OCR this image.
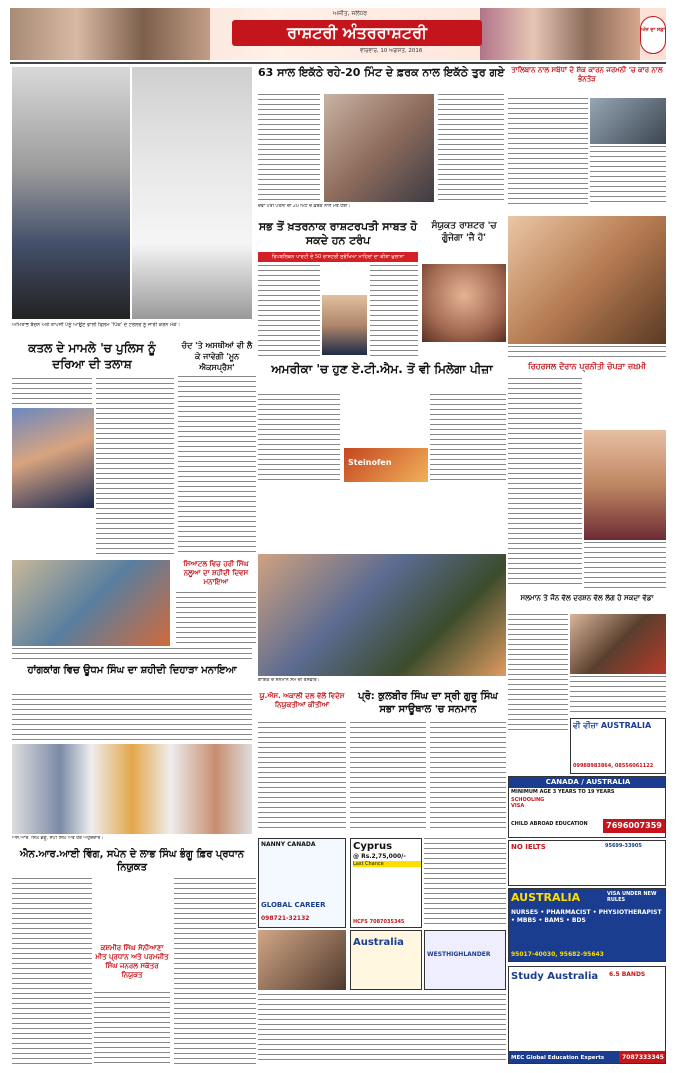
ਅਜੀਤ, ਜਲੰਧਰ
ਰਾਸ਼ਟਰੀ ਅੰਤਰਰਾਸ਼ਟਰੀ
ਵੀਰਵਾਰ, 10 ਅਗਸਤ, 2016
ਅੱਜ ਦਾ ਸਫ਼ਾ
ਅਮਿਤਾਭ ਬੱਚਨ ਅਤੇ ਤਾਪਸੀ ਪੰਨੂੰ ਆਉਣ ਵਾਲੀ ਫਿਲਮ 'ਪਿੰਕ' ਦੇ ਟਰੇਲਰ ਨੂੰ ਜਾਰੀ ਕਰਨ ਮੌਕੇ।
63 ਸਾਲ ਇਕੱਠੇ ਰਹੇ-20 ਮਿੰਟ ਦੇ ਫ਼ਰਕ ਨਾਲ ਇਕੱਠੇ ਤੁਰ ਗਏ
ਦੋਵਾਂ ਪਤੀ ਪਤਨੀ ਦੀ 20 ਮਿੰਟ ਦੇ ਫ਼ਰਕ ਨਾਲ ਮੌਤ ਹੋਈ।
ਤਾਲਿਬਾਨ ਨਾਲ ਸਬੰਧਾਂ ਦੇ ਸ਼ੱਕ ਕਾਰਨ ਜਰਮਨੀ 'ਚ ਕਾਰ ਨਾਲ ਭੰਨਤੋੜ
ਸਭ ਤੋਂ ਖ਼ਤਰਨਾਕ ਰਾਸ਼ਟਰਪਤੀ ਸਾਬਤ ਹੋ ਸਕਦੇ ਹਨ ਟਰੰਪ
ਰਿਪਬਲਿਕਨ ਪਾਰਟੀ ਦੇ 50 ਰਾਸ਼ਟਰੀ ਸੁਰੱਖਿਆ ਮਾਹਿਰਾਂ ਦਾ ਕੀਤਾ ਖ਼ੁਲਾਸਾ
ਸੰਯੁਕਤ ਰਾਸ਼ਟਰ 'ਚ ਗੂੰਜੇਗਾ 'ਜੈ ਹੋ'
ਕਤਲ ਦੇ ਮਾਮਲੇ 'ਚ ਪੁਲਿਸ ਨੂੰ ਦਰਿਆ ਦੀ ਤਲਾਸ਼
ਚੰਦ 'ਤੇ ਅਸਥੀਆਂ ਵੀ ਲੈ ਕੇ ਜਾਵੇਗੀ 'ਮੂਨ ਐਕਸਪ੍ਰੈਸ'	ਅਮਰੀਕਾ 'ਚ ਹੁਣ ਏ.ਟੀ.ਐਮ. ਤੋਂ ਵੀ ਮਿਲੇਗਾ ਪੀਜ਼ਾ
Steinofen
ਰਿਹਰਸਲ ਦੌਰਾਨ ਪ੍ਰਨੀਤੀ ਚੋਪੜਾ ਜ਼ਖ਼ਮੀ
ਸਿਆਟਲ ਵਿਚ ਹਰੀ ਸਿੰਘ ਨਲੂਆ ਦਾ ਸ਼ਹੀਦੀ ਦਿਵਸ ਮਨਾਇਆ
ਹਾਂਗਕਾਂਗ ਵਿਚ ਊਧਮ ਸਿੰਘ ਦਾ ਸ਼ਹੀਦੀ ਦਿਹਾੜਾ ਮਨਾਇਆ
ਗਾਇਕ ਦੇ ਸਨਮਾਨ ਸਮੇਂ ਦੀ ਤਸਵੀਰ।
ਪ੍ਰੋ: ਕੁਲਬੀਰ ਸਿੰਘ ਦਾ ਸ੍ਰੀ ਗੁਰੂ ਸਿੰਘ ਸਭਾ ਸਾਊਥਾਲ 'ਚ ਸਨਮਾਨ
ਯੂ.ਐਸ. ਅਕਾਲੀ ਦਲ ਵੱਲੋਂ ਵਿਦੇਸ਼ ਨਿਯੁਕਤੀਆਂ ਕੀਤੀਆਂ
ਸਲਮਾਨ ਤੇ ਜੌਨ ਵੱਲ ਦਰਸ਼ਨ ਵੱਲ ਲੱਗ ਹੋ ਸਕਦਾ ਵੱਡਾ
ਵੀ ਵੀਜ਼ਾ AUSTRALIA
09988983864, 08556061122
ਐਸ.ਆਰ. ਸਿੰਘ ਭੰਗੂ, ਸੇਪੀ ਸਿੰਘ ਅਤੇ ਹੋਰ ਅਹੁਦੇਦਾਰ।
ਐਨ.ਆਰ.ਆਈ ਵਿੰਗ, ਸਪੇਨ ਦੇ ਲਾਭ ਸਿੰਘ ਭੰਗੂ ਫ਼ਿਰ ਪ੍ਰਧਾਨ ਨਿਯੁਕਤ
ਕਸ਼ਮੀਰ ਸਿੰਘ ਸੋਨੀਆਣਾ ਮੀਤ ਪ੍ਰਧਾਨ ਅਤੇ ਪਰਮਜੀਤ ਸਿੰਘ ਜਨਰਲ ਸਕੱਤਰ ਨਿਯੁਕਤ
NANNY CANADA
GLOBAL CAREER
098721-32132
Cyprus
@ Rs.2,75,000/-
Last Chance
HCFS 7087035345
Australia
WESTHIGHLANDER
CANADA / AUSTRALIA
MINIMUM AGE 3 YEARS TO 19 YEARS
SCHOOLING VISA
CHILD ABROAD EDUCATION	7696007359
NO IELTS	95699-33905
AUSTRALIA	VISA UNDER NEW RULES
NURSES • PHARMACIST • PHYSIOTHERAPIST • MBBS • BAMS • BDS
95017-40030, 95682-95643
Study Australia	6.5 BANDS
MEC Global Education Experts	7087333345
